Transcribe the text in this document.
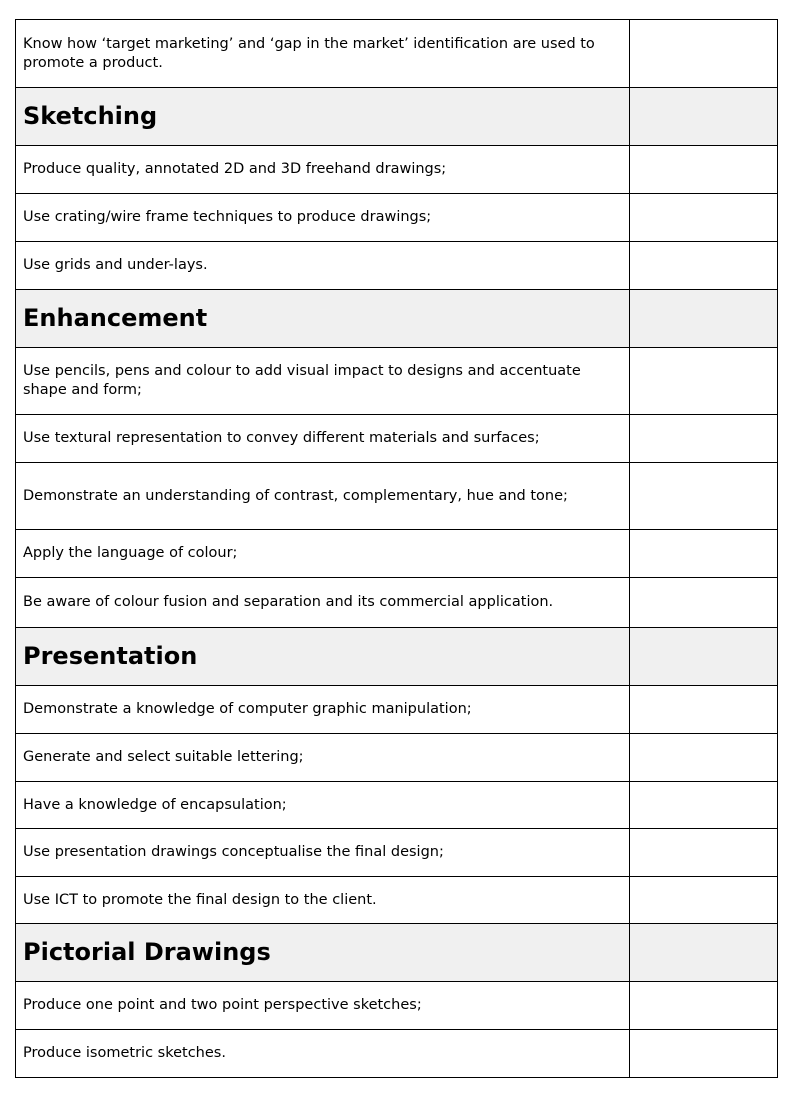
Know how ‘target marketing’ and ‘gap in the market’ identification are used to promote a product.	
Sketching	
Produce quality, annotated 2D and 3D freehand drawings;	
Use crating/wire frame techniques to produce drawings;	
Use grids and under-lays.	
Enhancement	
Use pencils, pens and colour to add visual impact to designs and accentuate shape and form;	
Use textural representation to convey different materials and surfaces;	
Demonstrate an understanding of contrast, complementary, hue and tone;	
Apply the language of colour;	
Be aware of colour fusion and separation and its commercial application.	
Presentation	
Demonstrate a knowledge of computer graphic manipulation;	
Generate and select suitable lettering;	
Have a knowledge of encapsulation;	
Use presentation drawings conceptualise the final design;	
Use ICT to promote the final design to the client.	
Pictorial Drawings	
Produce one point and two point perspective sketches;	
Produce isometric sketches.	
